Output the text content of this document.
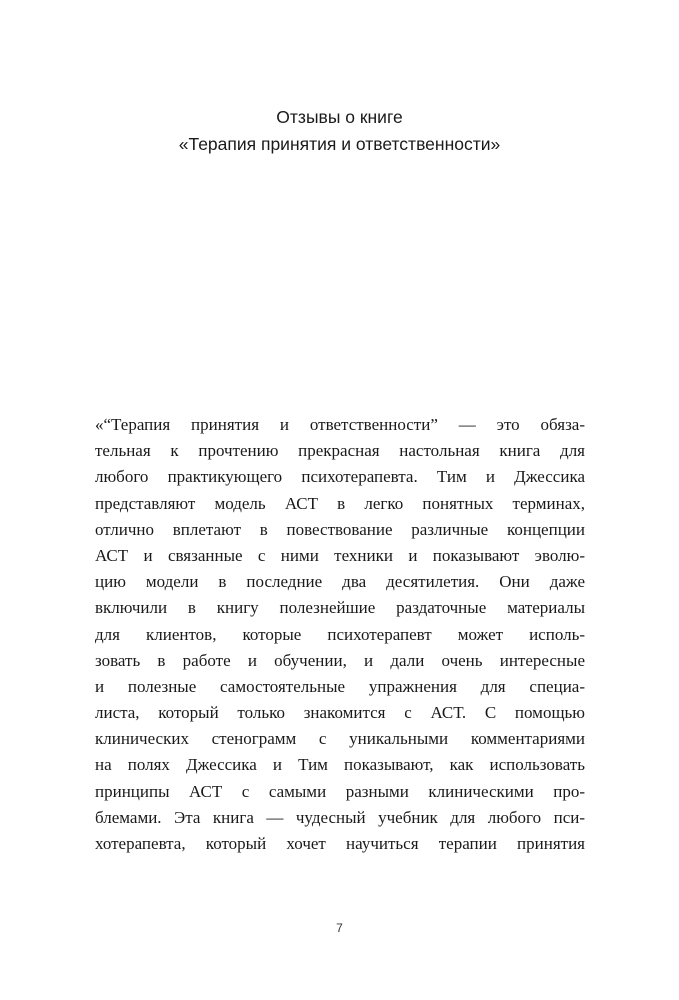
Отзывы о книге
«Терапия принятия и ответственности»
«“Терапия принятия и ответственности” — это обяза-
тельная к прочтению прекрасная настольная книга для
любого практикующего психотерапевта. Тим и Джессика
представляют модель АСТ в легко понятных терминах,
отлично вплетают в повествование различные концепции
АСТ и связанные с ними техники и показывают эволю-
цию модели в последние два десятилетия. Они даже
включили в книгу полезнейшие раздаточные материалы
для клиентов, которые психотерапевт может исполь-
зовать в работе и обучении, и дали очень интересные
и полезные самостоятельные упражнения для специа-
листа, который только знакомится с АСТ. С помощью
клинических стенограмм с уникальными комментариями
на полях Джессика и Тим показывают, как использовать
принципы АСТ с самыми разными клиническими про-
блемами. Эта книга — чудесный учебник для любого пси-
хотерапевта, который хочет научиться терапии принятия
7
